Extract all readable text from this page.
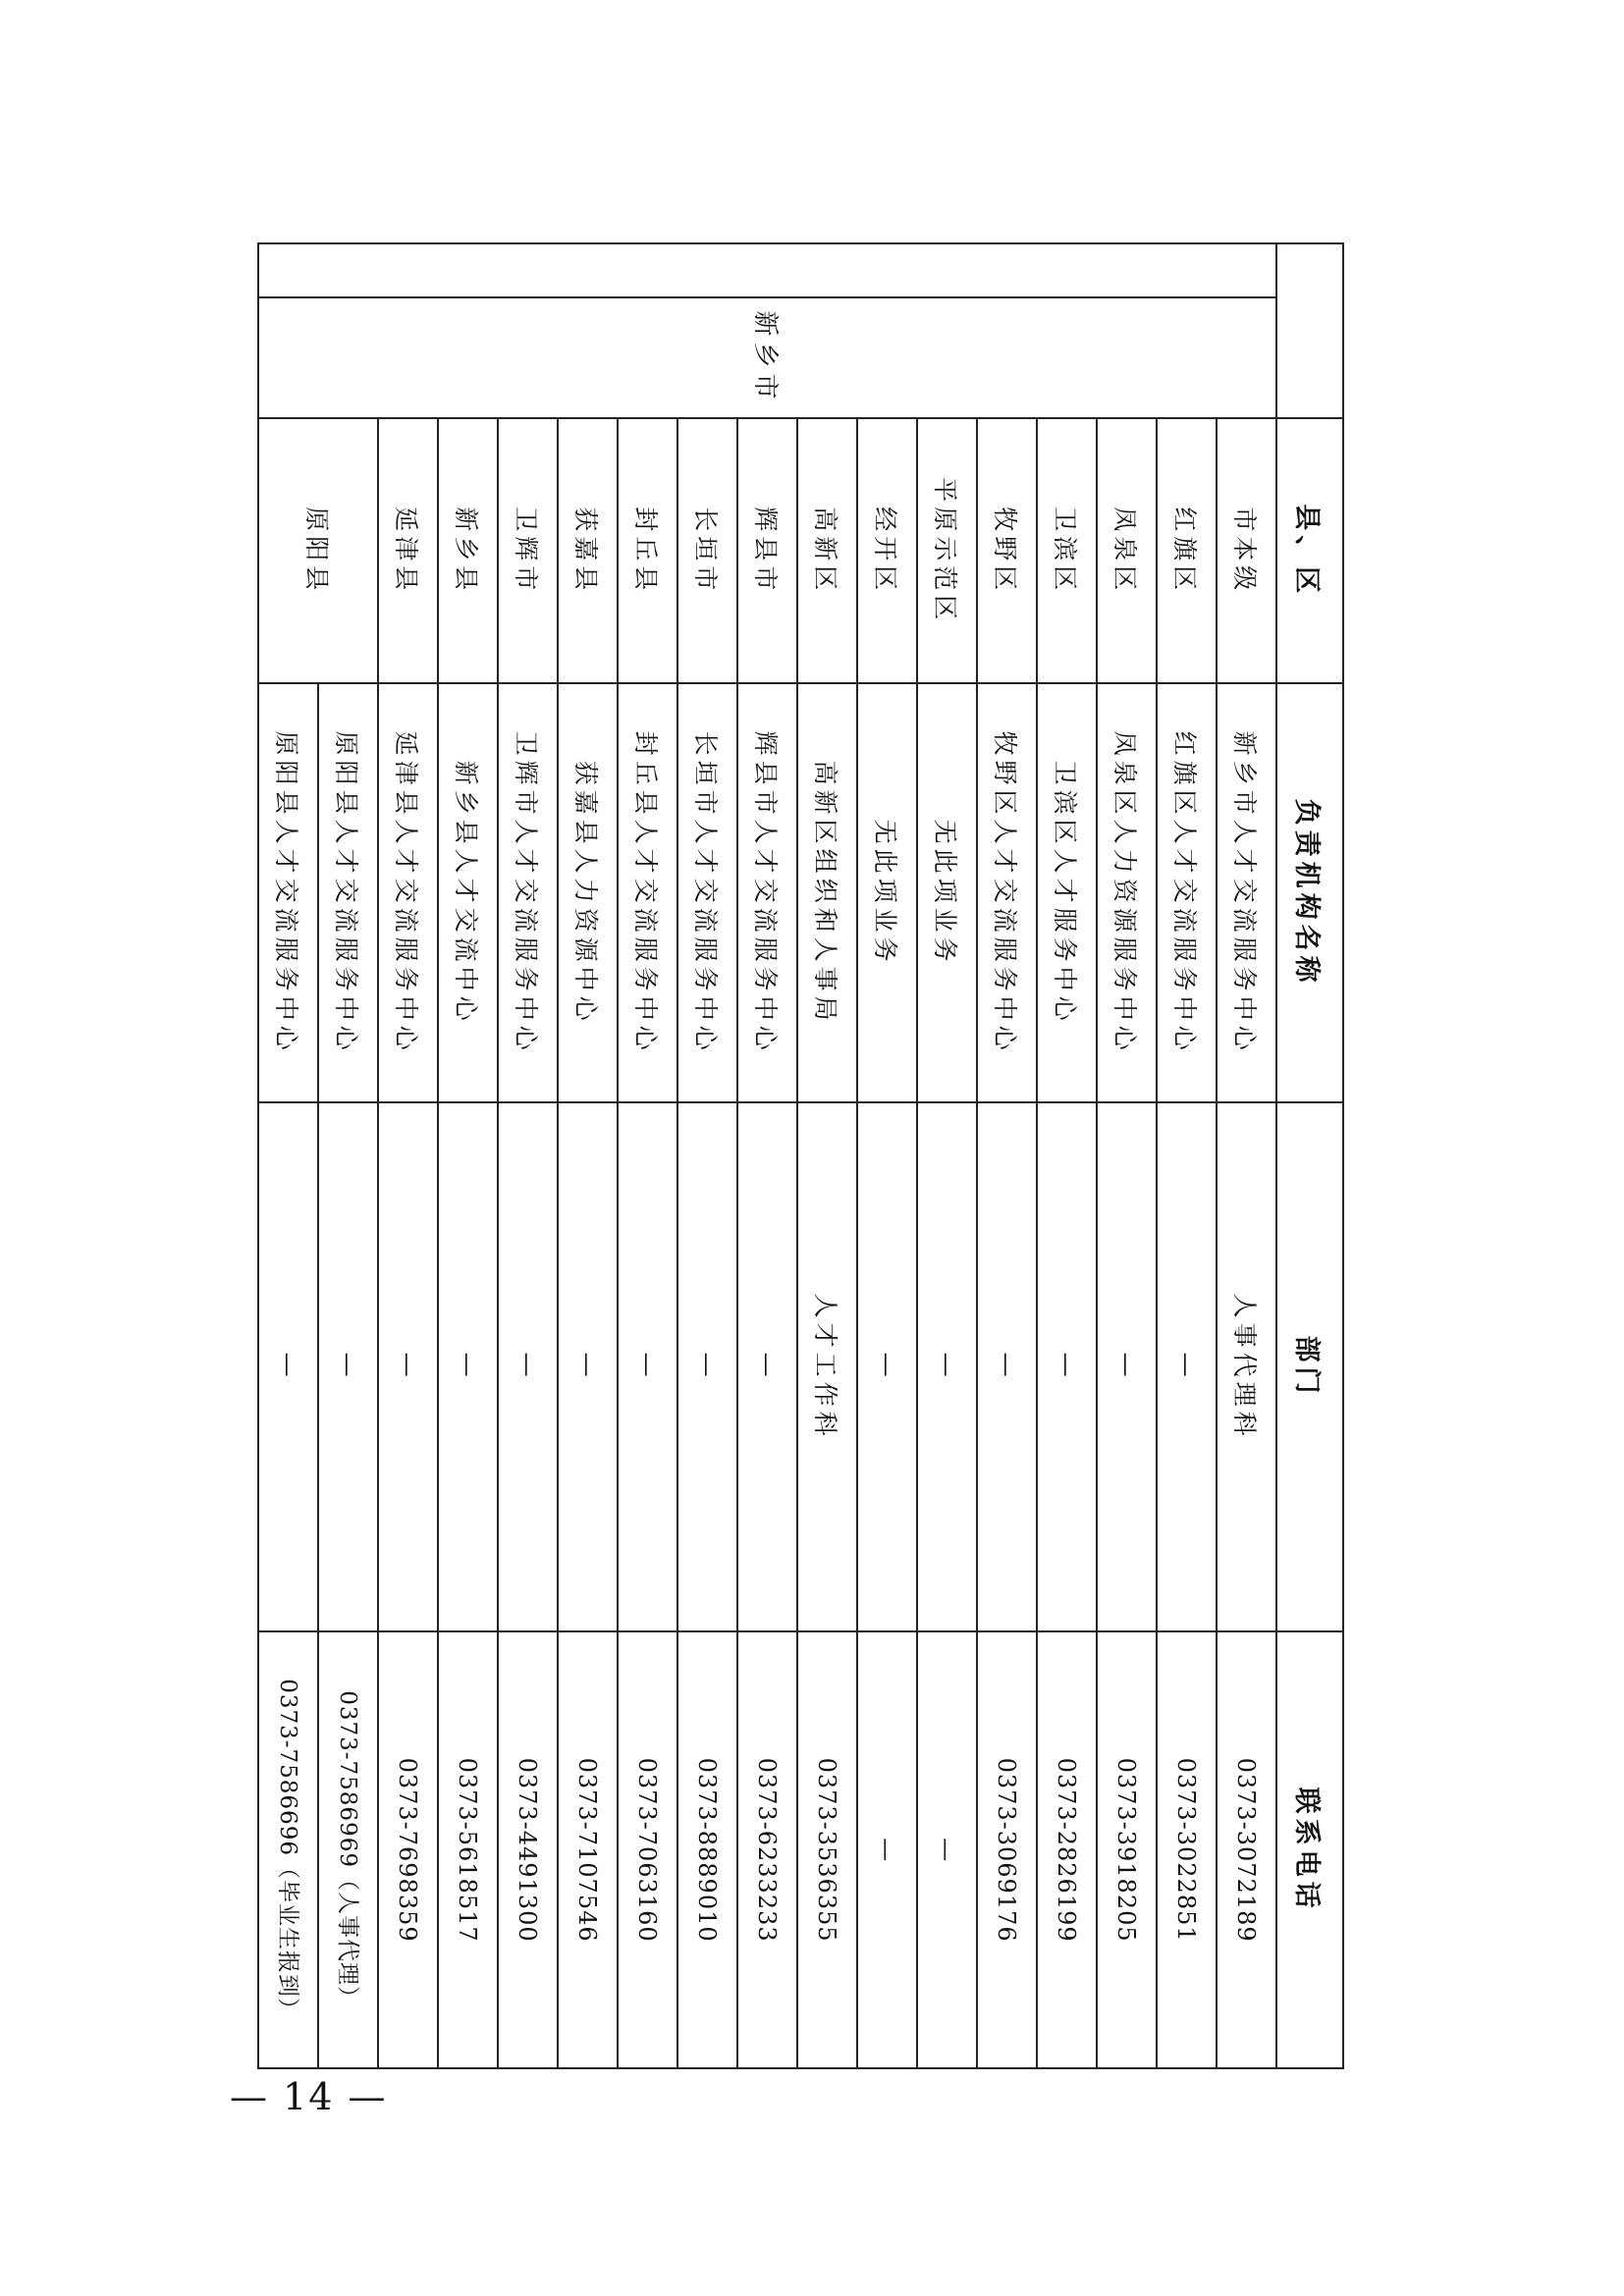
		县、区	负责机构名称	部门	联系电话
	新乡市	市本级	新乡市人才交流服务中心	人事代理科	0373-3072189
		红旗区	红旗区人才交流服务中心	—	0373-3022851
		凤泉区	凤泉区人力资源服务中心	—	0373-3918205
		卫滨区	卫滨区人才服务中心	—	0373-2826199
		牧野区	牧野区人才交流服务中心	—	0373-3069176
		平原示范区	无此项业务	—	—
		经开区	无此项业务	—	—
		高新区	高新区组织和人事局	人才工作科	0373-3536355
		辉县市	辉县市人才交流服务中心	—	0373-6233233
		长垣市	长垣市人才交流服务中心	—	0373-8889010
		封丘县	封丘县人才交流服务中心	—	0373-7063160
		获嘉县	获嘉县人力资源中心	—	0373-7107546
		卫辉市	卫辉市人才交流服务中心	—	0373-4491300
		新乡县	新乡县人才交流中心	—	0373-5618517
		延津县	延津县人才交流服务中心	—	0373-7698359
		原阳县	原阳县人才交流服务中心	—	0373-7586969（人事代理）
			原阳县人才交流服务中心	—	0373-7586696（毕业生报到）
— 14 —
